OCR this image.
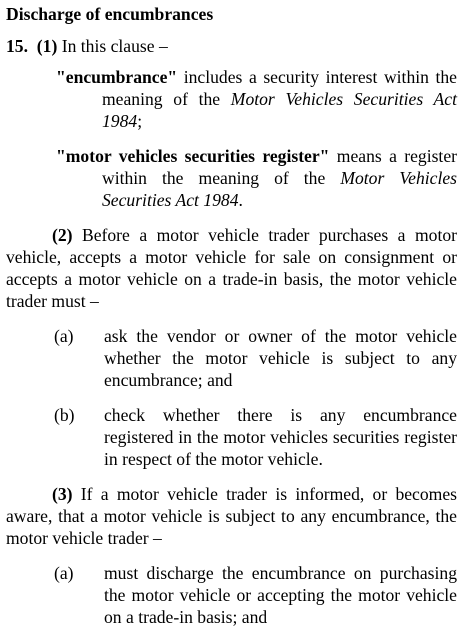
Discharge of encumbrances

15. (1) In this clause –

"encumbrance" includes a security interest within the meaning of the Motor Vehicles Securities Act 1984;

"motor vehicles securities register" means a register within the meaning of the Motor Vehicles Securities Act 1984.

(2) Before a motor vehicle trader purchases a motor vehicle, accepts a motor vehicle for sale on consignment or accepts a motor vehicle on a trade-in basis, the motor vehicle trader must –

(a)	ask the vendor or owner of the motor vehicle whether the motor vehicle is subject to any encumbrance; and
(b)	check whether there is any encumbrance registered in the motor vehicles securities register in respect of the motor vehicle.

(3) If a motor vehicle trader is informed, or becomes aware, that a motor vehicle is subject to any encumbrance, the motor vehicle trader –

(a)	must discharge the encumbrance on purchasing the motor vehicle or accepting the motor vehicle on a trade-in basis; and
